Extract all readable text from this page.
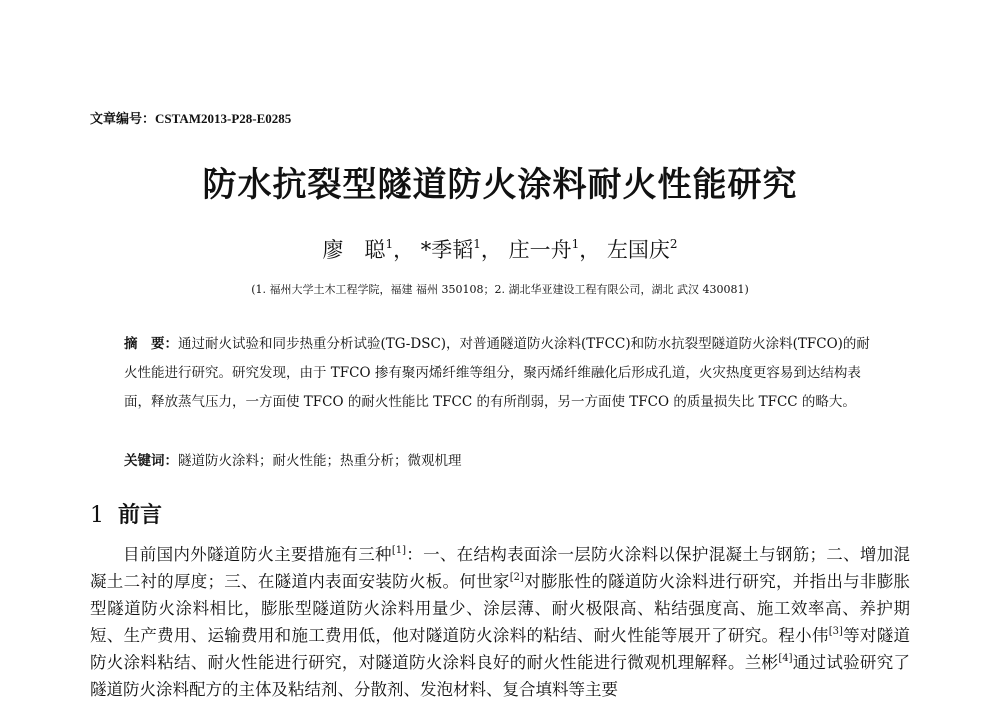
文章编号：CSTAM2013-P28-E0285
防水抗裂型隧道防火涂料耐火性能研究
廖　聪$^1$， *季韬$^1$， 庄一舟$^1$， 左国庆$^2$
(1. 福州大学土木工程学院，福建 福州 350108；2. 湖北华亚建设工程有限公司，湖北 武汉 430081)
摘　要：通过耐火试验和同步热重分析试验(TG-DSC)，对普通隧道防火涂料(TFCC)和防水抗裂型隧道防火涂料(TFCO)的耐火性能进行研究。研究发现，由于 TFCO 掺有聚丙烯纤维等组分，聚丙烯纤维融化后形成孔道，火灾热度更容易到达结构表面，释放蒸气压力，一方面使 TFCO 的耐火性能比 TFCC 的有所削弱，另一方面使 TFCO 的质量损失比 TFCC 的略大。
关键词：隧道防火涂料；耐火性能；热重分析；微观机理
1 前言
目前国内外隧道防火主要措施有三种[1]：一、在结构表面涂一层防火涂料以保护混凝土与钢筋；二、增加混凝土二衬的厚度；三、在隧道内表面安装防火板。何世家[2]对膨胀性的隧道防火涂料进行研究，并指出与非膨胀型隧道防火涂料相比，膨胀型隧道防火涂料用量少、涂层薄、耐火极限高、粘结强度高、施工效率高、养护期短、生产费用、运输费用和施工费用低，他对隧道防火涂料的粘结、耐火性能等展开了研究。程小伟[3]等对隧道防火涂料粘结、耐火性能进行研究，对隧道防火涂料良好的耐火性能进行微观机理解释。兰彬[4]通过试验研究了隧道防火涂料配方的主体及粘结剂、分散剂、发泡材料、复合填料等主要
